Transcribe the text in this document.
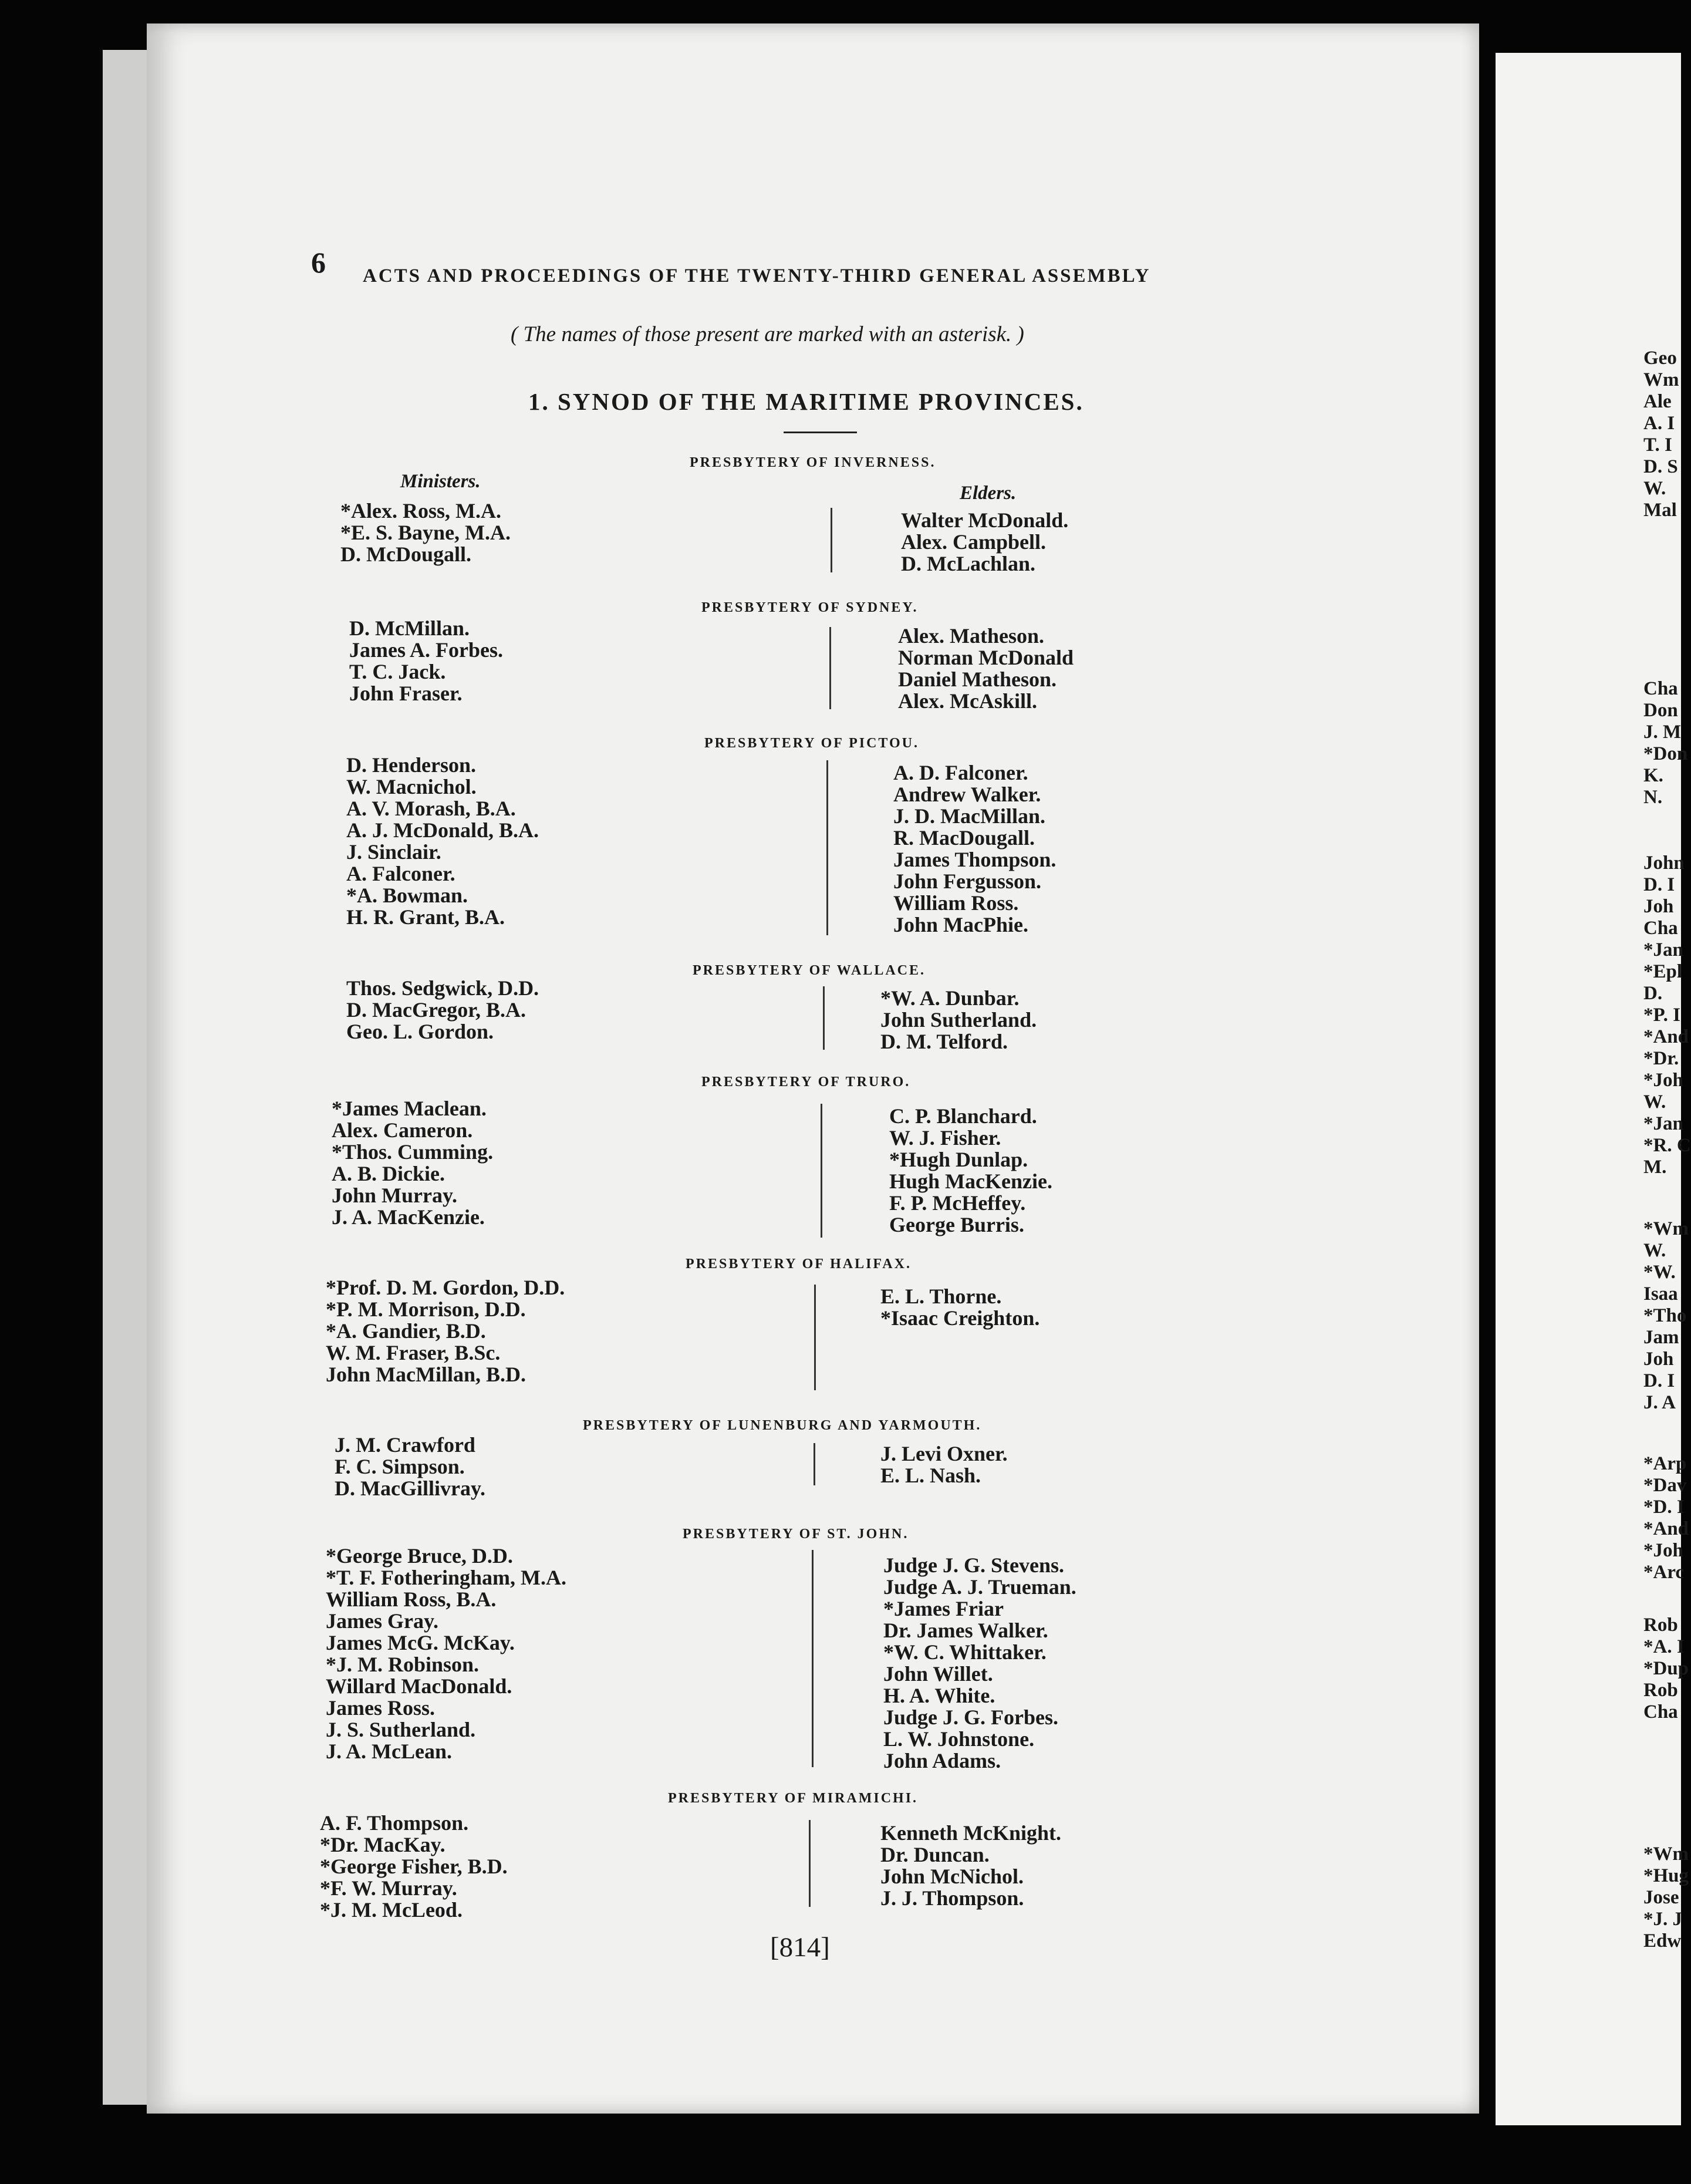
6 ACTS AND PROCEEDINGS OF THE TWENTY-THIRD GENERAL ASSEMBLY
( The names of those present are marked with an asterisk. )
1. SYNOD OF THE MARITIME PROVINCES.
Ministers.
Elders.
PRESBYTERY OF INVERNESS.
*Alex. Ross, M.A.
*E. S. Bayne, M.A.
D. McDougall.
Walter McDonald.
Alex. Campbell.
D. McLachlan.
PRESBYTERY OF SYDNEY.
D. McMillan.
James A. Forbes.
T. C. Jack.
John Fraser.
Alex. Matheson.
Norman McDonald
Daniel Matheson.
Alex. McAskill.
PRESBYTERY OF PICTOU.
D. Henderson.
W. Macnichol.
A. V. Morash, B.A.
A. J. McDonald, B.A.
J. Sinclair.
A. Falconer.
*A. Bowman.
H. R. Grant, B.A.
A. D. Falconer.
Andrew Walker.
J. D. MacMillan.
R. MacDougall.
James Thompson.
John Fergusson.
William Ross.
John MacPhie.
PRESBYTERY OF WALLACE.
Thos. Sedgwick, D.D.
D. MacGregor, B.A.
Geo. L. Gordon.
*W. A. Dunbar.
John Sutherland.
D. M. Telford.
PRESBYTERY OF TRURO.
*James Maclean.
Alex. Cameron.
*Thos. Cumming.
A. B. Dickie.
John Murray.
J. A. MacKenzie.
C. P. Blanchard.
W. J. Fisher.
*Hugh Dunlap.
Hugh MacKenzie.
F. P. McHeffey.
George Burris.
PRESBYTERY OF HALIFAX.
*Prof. D. M. Gordon, D.D.
*P. M. Morrison, D.D.
*A. Gandier, B.D.
W. M. Fraser, B.Sc.
John MacMillan, B.D.
E. L. Thorne.
*Isaac Creighton.
PRESBYTERY OF LUNENBURG AND YARMOUTH.
J. M. Crawford
F. C. Simpson.
D. MacGillivray.
J. Levi Oxner.
E. L. Nash.
PRESBYTERY OF ST. JOHN.
*George Bruce, D.D.
*T. F. Fotheringham, M.A.
William Ross, B.A.
James Gray.
James McG. McKay.
*J. M. Robinson.
Willard MacDonald.
James Ross.
J. S. Sutherland.
J. A. McLean.
Judge J. G. Stevens.
Judge A. J. Trueman.
*James Friar
Dr. James Walker.
*W. C. Whittaker.
John Willet.
H. A. White.
Judge J. G. Forbes.
L. W. Johnstone.
John Adams.
PRESBYTERY OF MIRAMICHI.
A. F. Thompson.
*Dr. MacKay.
*George Fisher, B.D.
*F. W. Murray.
*J. M. McLeod.
Kenneth McKnight.
Dr. Duncan.
John McNichol.
J. J. Thompson.
[814]
Geo
Wm
Ale
A. I
T. I
D. S
W.
Mal
Cha
Don
J. M
*Don
K.
N.
John
D. I
Joh
Cha
*Jan
*Epl
D.
*P. I
*And
*Dr.
*Joh
W.
*Jan
*R. C
M.
*Wm
W.
*W.
Isaa
*Tho
Jam
Joh
D. I
J. A
*Arp
*Dav
*D. I
*And
*Joh
*Arc
Rob
*A. I
*Dup
Rob
Cha
*Wm
*Hug
Jose
*J. J
Edw
